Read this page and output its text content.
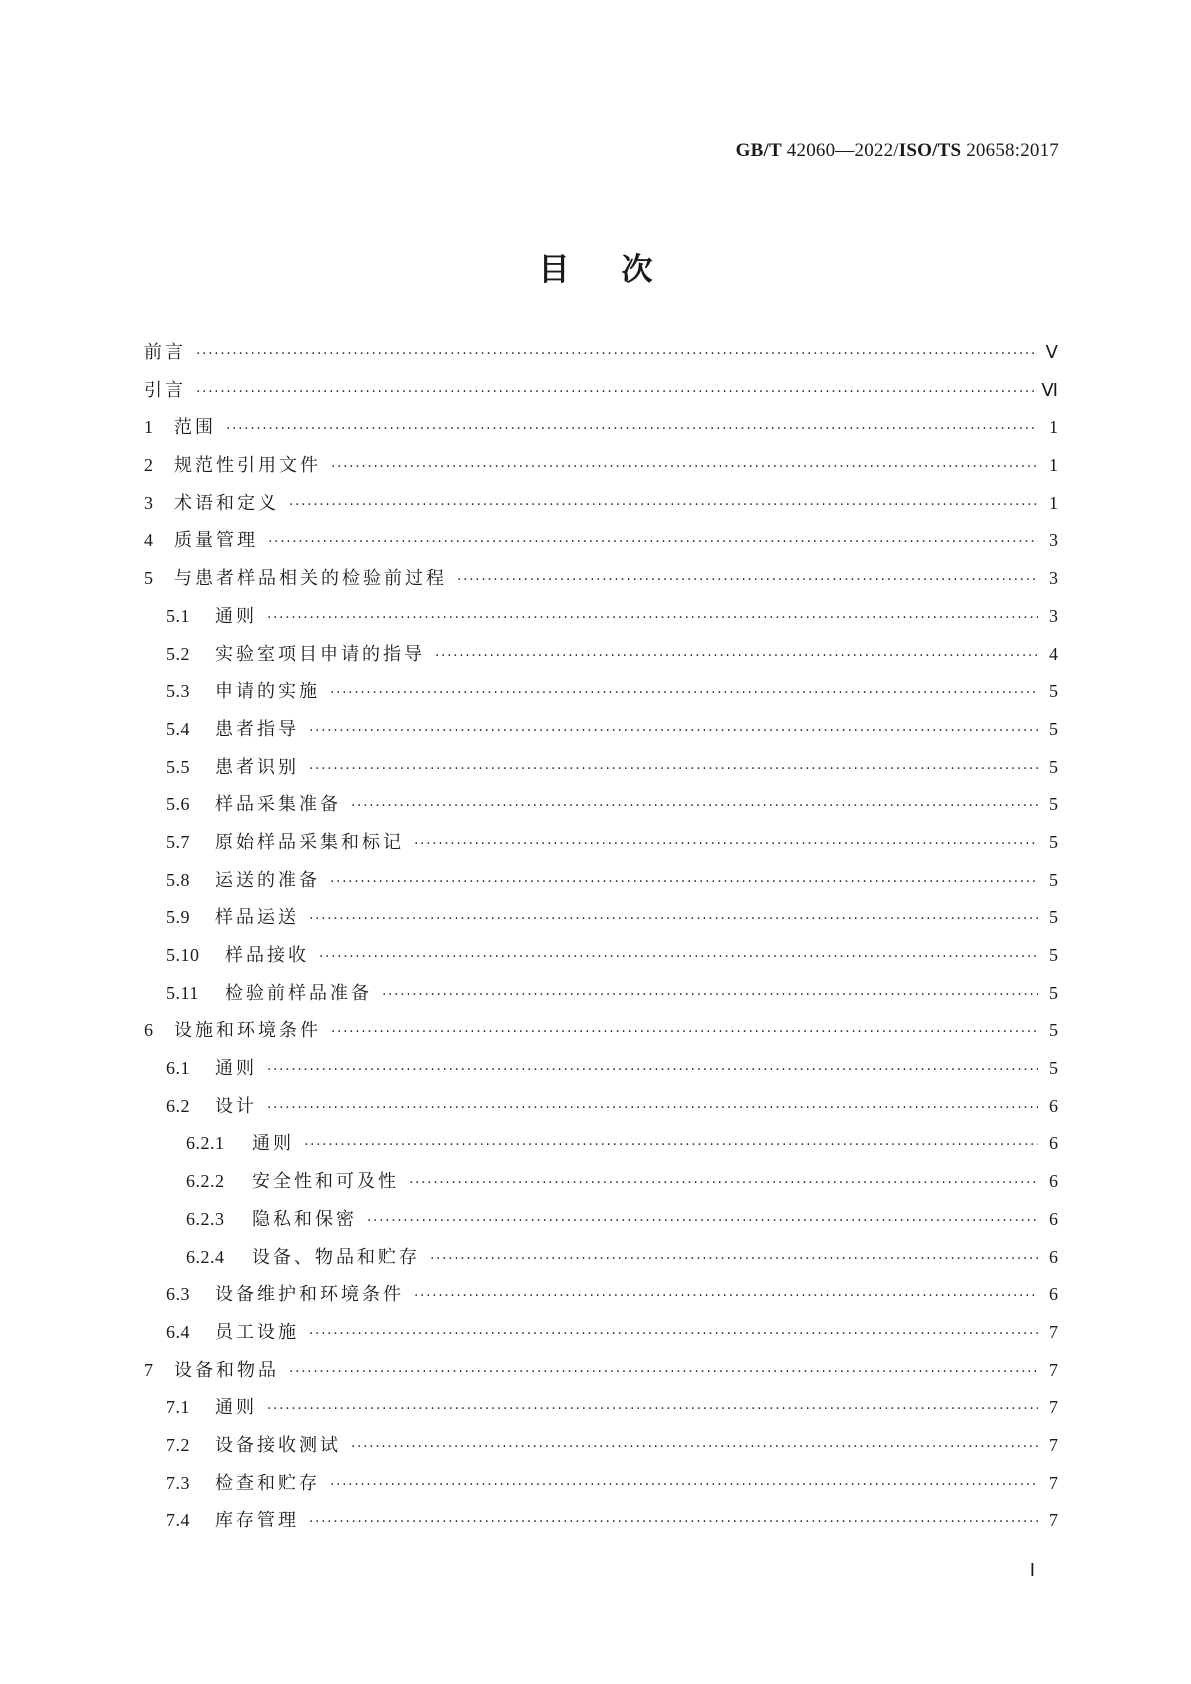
GB/T 42060—2022/ISO/TS 20658:2017
目次
前言 ·····	Ⅴ
引言 ·····	Ⅵ
1	范围 ·····	1
2	规范性引用文件 ·····	1
3	术语和定义 ·····	1
4	质量管理 ·····	3
5	与患者样品相关的检验前过程 ·····	3
5.1	通则 ·····	3
5.2	实验室项目申请的指导 ·····	4
5.3	申请的实施 ·····	5
5.4	患者指导 ·····	5
5.5	患者识别 ·····	5
5.6	样品采集准备 ·····	5
5.7	原始样品采集和标记 ·····	5
5.8	运送的准备 ·····	5
5.9	样品运送 ·····	5
5.10	样品接收 ·····	5
5.11	检验前样品准备 ·····	5
6	设施和环境条件 ·····	5
6.1	通则 ·····	5
6.2	设计 ·····	6
6.2.1	通则 ·····	6
6.2.2	安全性和可及性 ·····	6
6.2.3	隐私和保密 ·····	6
6.2.4	设备、物品和贮存 ·····	6
6.3	设备维护和环境条件 ·····	6
6.4	员工设施 ·····	7
7	设备和物品 ·····	7
7.1	通则 ·····	7
7.2	设备接收测试 ·····	7
7.3	检查和贮存 ·····	7
7.4	库存管理 ·····	7
Ⅰ
